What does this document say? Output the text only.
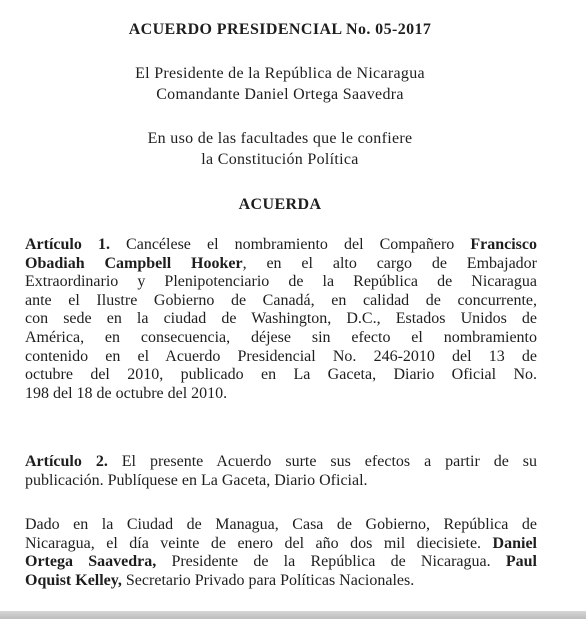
ACUERDO PRESIDENCIAL No. 05-2017
El Presidente de la República de Nicaragua
Comandante Daniel Ortega Saavedra
En uso de las facultades que le confiere
la Constitución Política
ACUERDA
Artículo 1. Cancélese el nombramiento del Compañero Francisco
Obadiah Campbell Hooker, en el alto cargo de Embajador
Extraordinario y Plenipotenciario de la República de Nicaragua
ante el Ilustre Gobierno de Canadá, en calidad de concurrente,
con sede en la ciudad de Washington, D.C., Estados Unidos de
América, en consecuencia, déjese sin efecto el nombramiento
contenido en el Acuerdo Presidencial No. 246-2010 del 13 de
octubre del 2010, publicado en La Gaceta, Diario Oficial No.
198 del 18 de octubre del 2010.
Artículo 2. El presente Acuerdo surte sus efectos a partir de su
publicación. Publíquese en La Gaceta, Diario Oficial.
Dado en la Ciudad de Managua, Casa de Gobierno, República de
Nicaragua, el día veinte de enero del año dos mil diecisiete. Daniel
Ortega Saavedra, Presidente de la República de Nicaragua. Paul
Oquist Kelley, Secretario Privado para Políticas Nacionales.
